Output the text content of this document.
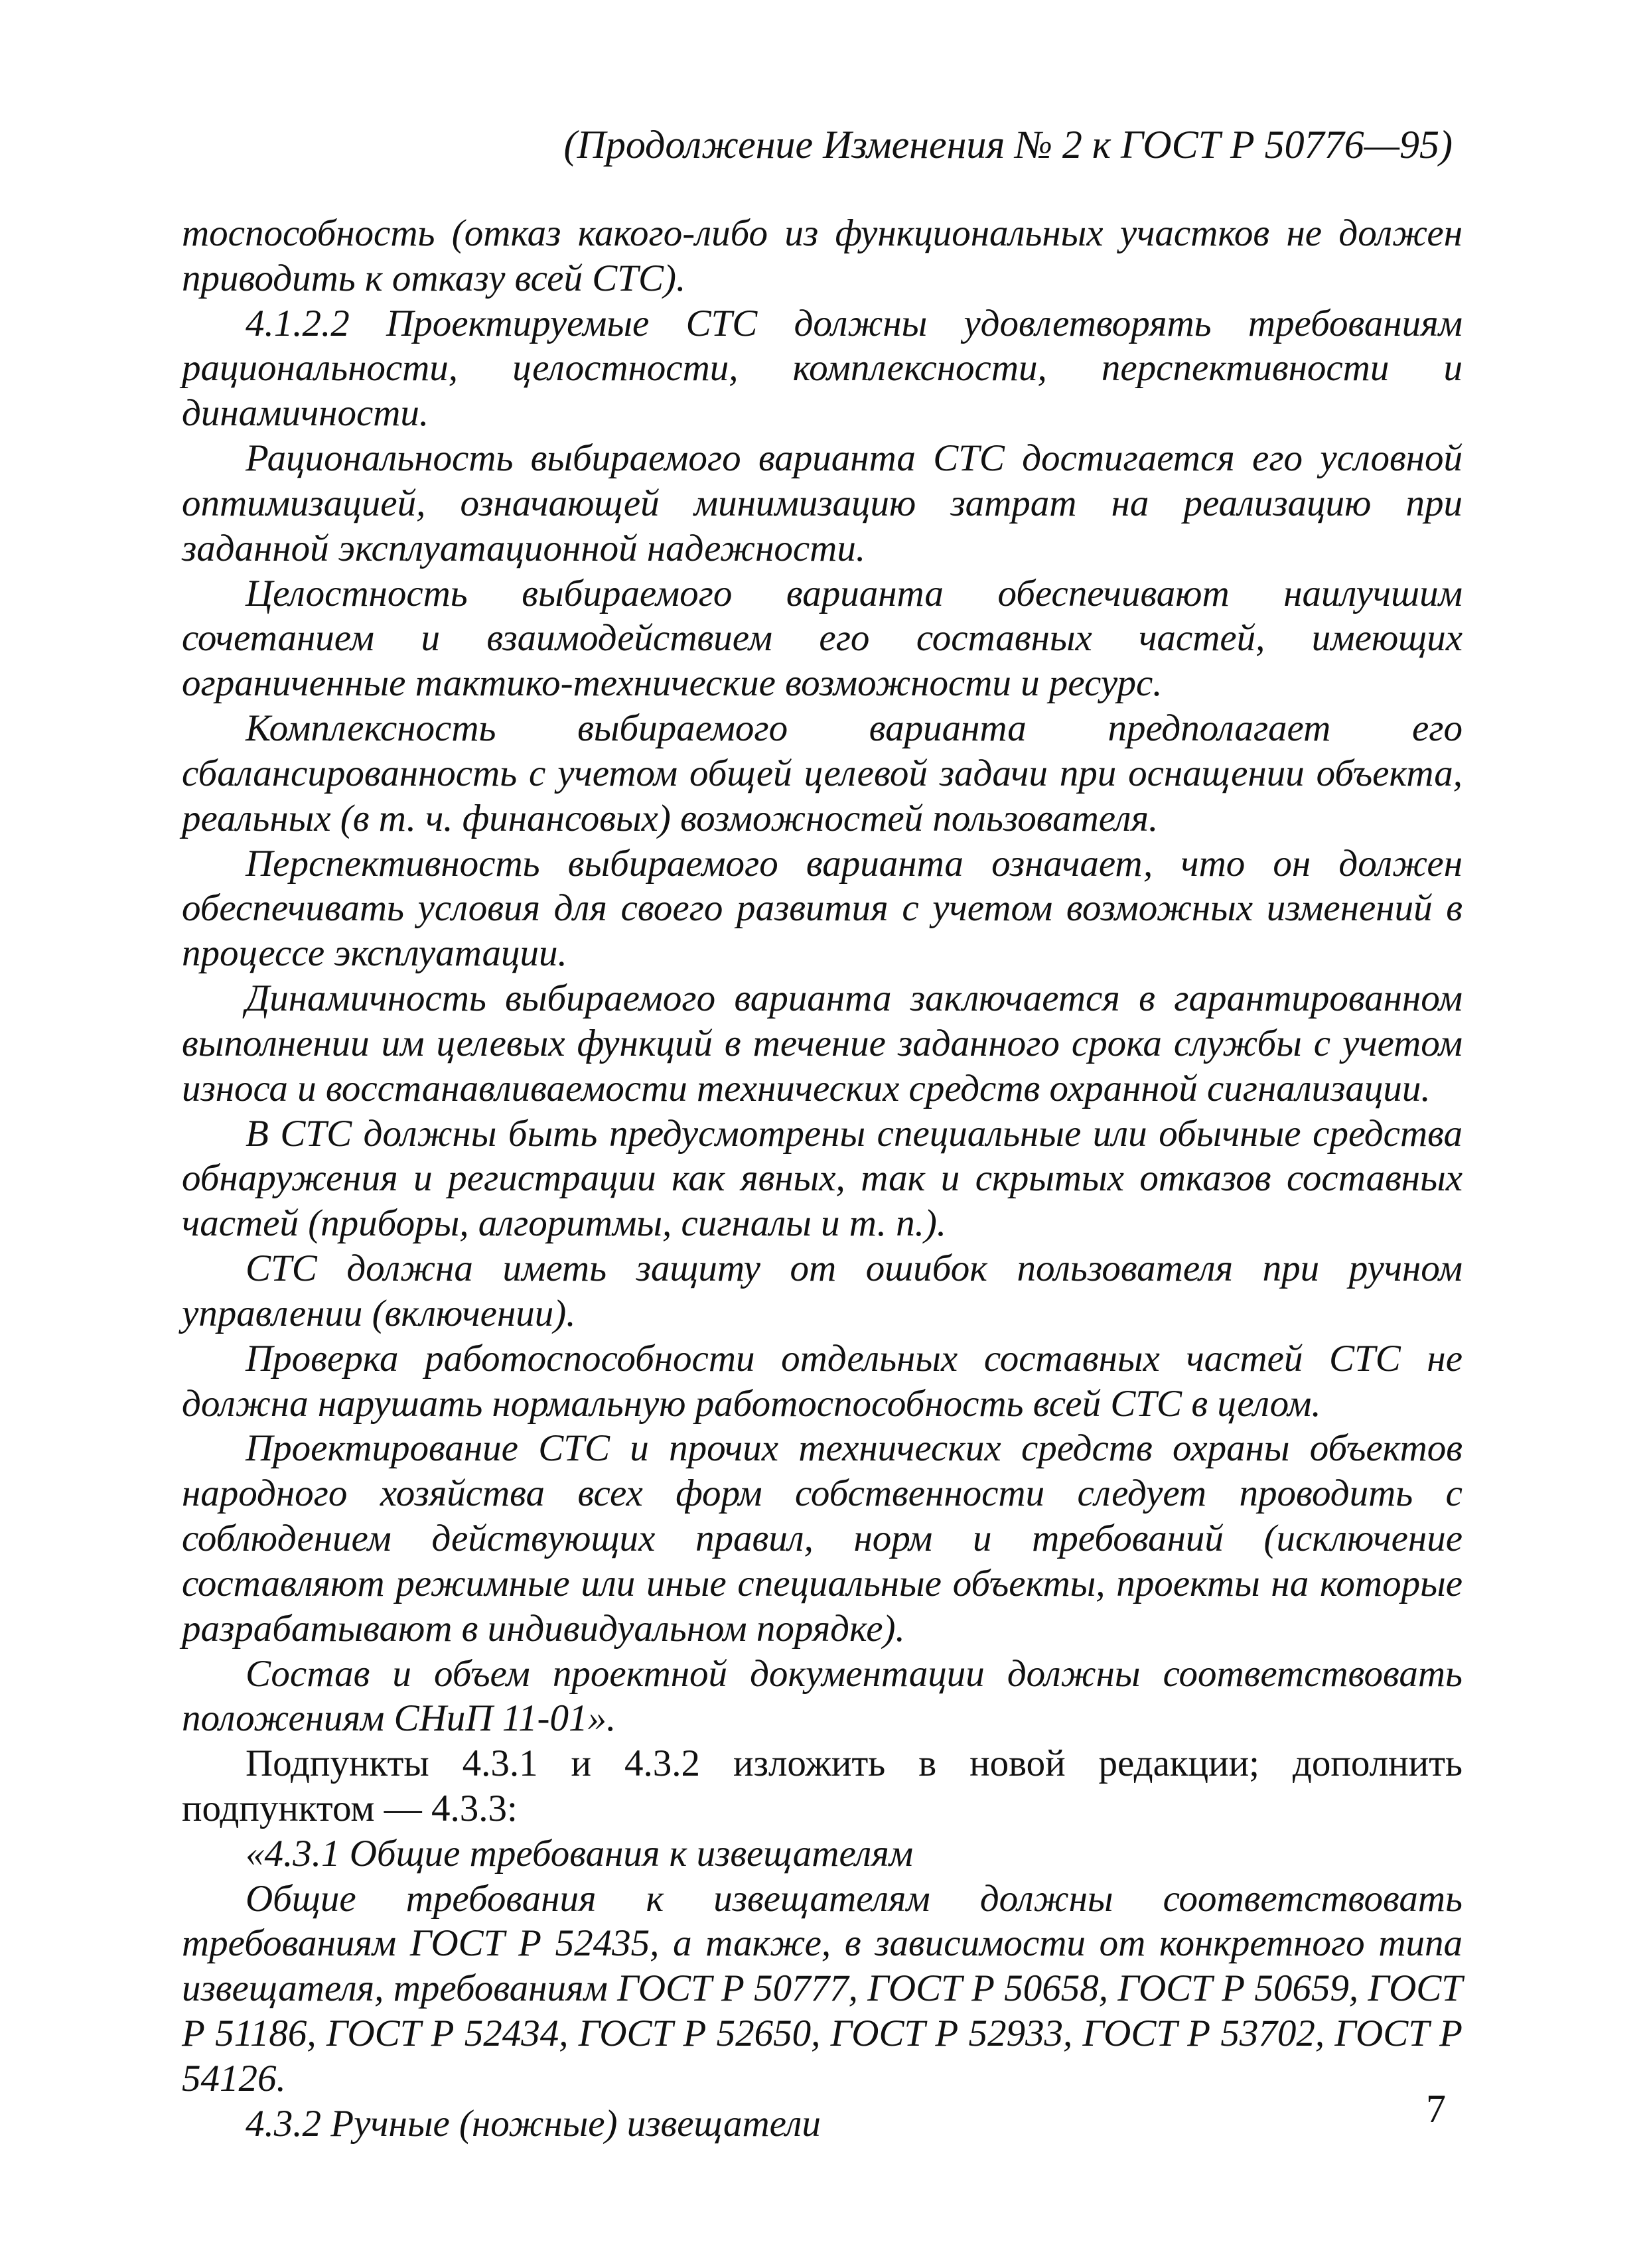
(Продолжение Изменения № 2 к ГОСТ Р 50776—95)

тоспособность (отказ какого-либо из функциональных участков не должен приводить к отказу всей СТС).

4.1.2.2 Проектируемые СТС должны удовлетворять требованиям рациональности, целостности, комплексности, перспективности и динамичности.

Рациональность выбираемого варианта СТС достигается его условной оптимизацией, означающей минимизацию затрат на реализацию при заданной эксплуатационной надежности.

Целостность выбираемого варианта обеспечивают наилучшим сочетанием и взаимодействием его составных частей, имеющих ограниченные тактико-технические возможности и ресурс.

Комплексность выбираемого варианта предполагает его сбалансированность с учетом общей целевой задачи при оснащении объекта, реальных (в т. ч. финансовых) возможностей пользователя.

Перспективность выбираемого варианта означает, что он должен обеспечивать условия для своего развития с учетом возможных изменений в процессе эксплуатации.

Динамичность выбираемого варианта заключается в гарантированном выполнении им целевых функций в течение заданного срока службы с учетом износа и восстанавливаемости технических средств охранной сигнализации.

В СТС должны быть предусмотрены специальные или обычные средства обнаружения и регистрации как явных, так и скрытых отказов составных частей (приборы, алгоритмы, сигналы и т. п.).

СТС должна иметь защиту от ошибок пользователя при ручном управлении (включении).

Проверка работоспособности отдельных составных частей СТС не должна нарушать нормальную работоспособность всей СТС в целом.

Проектирование СТС и прочих технических средств охраны объектов народного хозяйства всех форм собственности следует проводить с соблюдением действующих правил, норм и требований (исключение составляют режимные или иные специальные объекты, проекты на которые разрабатывают в индивидуальном порядке).

Состав и объем проектной документации должны соответствовать положениям СНиП 11-01».

Подпункты 4.3.1 и 4.3.2 изложить в новой редакции; дополнить подпунктом — 4.3.3:

«4.3.1 Общие требования к извещателям

Общие требования к извещателям должны соответствовать требованиям ГОСТ Р 52435, а также, в зависимости от конкретного типа извещателя, требованиям ГОСТ Р 50777, ГОСТ Р 50658, ГОСТ Р 50659, ГОСТ Р 51186, ГОСТ Р 52434, ГОСТ Р 52650, ГОСТ Р 52933, ГОСТ Р 53702, ГОСТ Р 54126.

4.3.2 Ручные (ножные) извещатели	7
